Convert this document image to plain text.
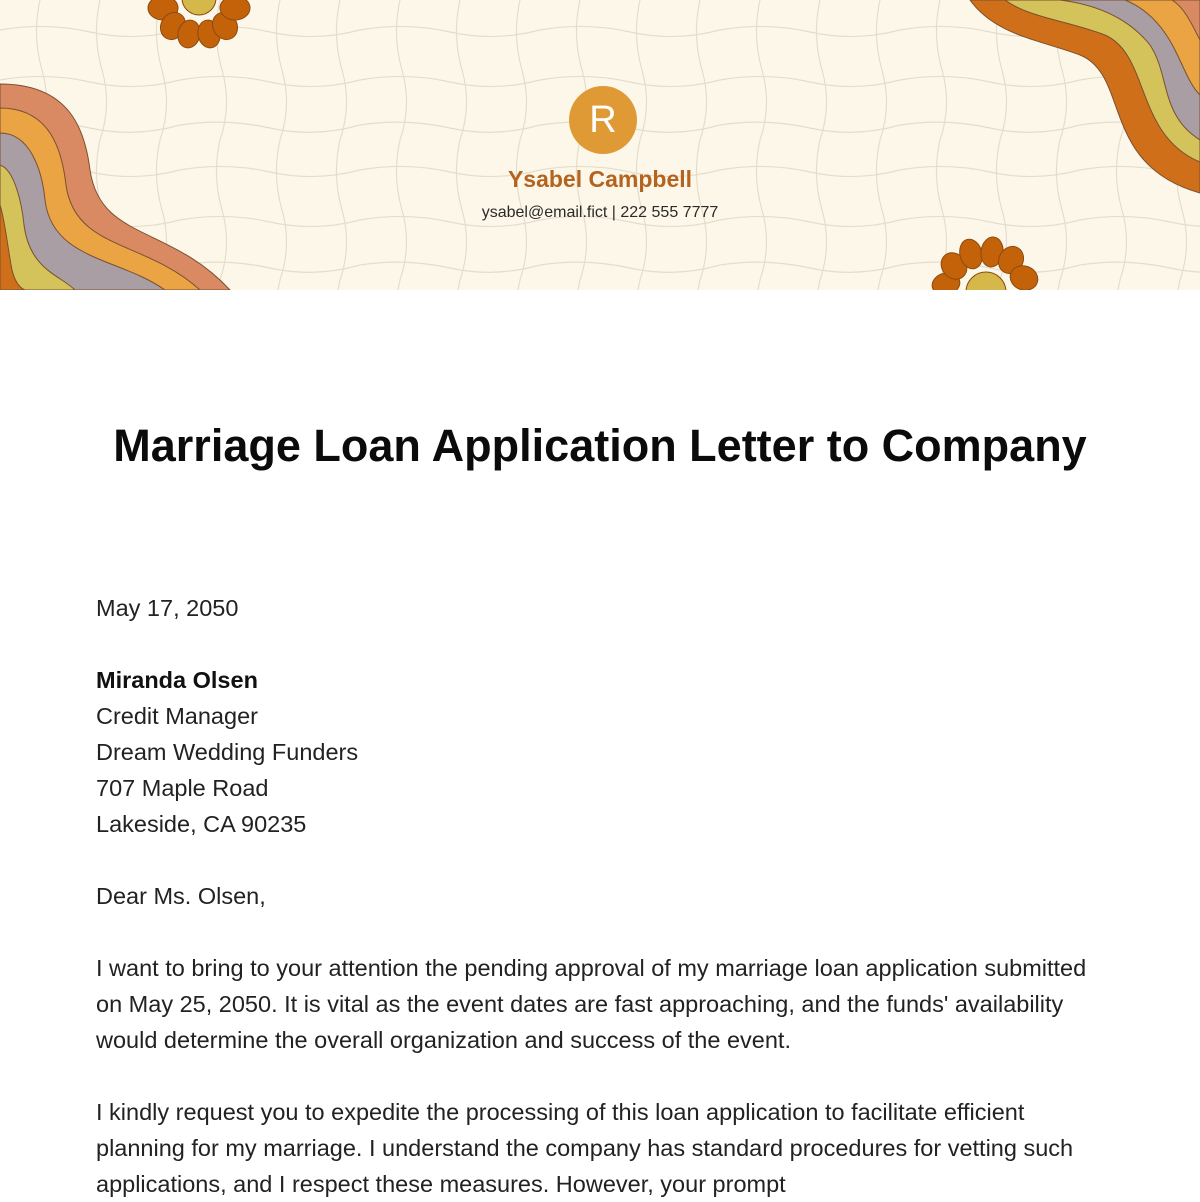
R
Ysabel Campbell
ysabel@email.fict | 222 555 7777
Marriage Loan Application Letter to Company

May 17, 2050

Miranda Olsen

Credit Manager

Dream Wedding Funders

707 Maple Road

Lakeside, CA 90235

Dear Ms. Olsen,

I want to bring to your attention the pending approval of my marriage loan application submitted on May 25, 2050. It is vital as the event dates are fast approaching, and the funds' availability would determine the overall organization and success of the event.

I kindly request you to expedite the processing of this loan application to facilitate efficient planning for my marriage. I understand the company has standard procedures for vetting such applications, and I respect these measures. However, your prompt
